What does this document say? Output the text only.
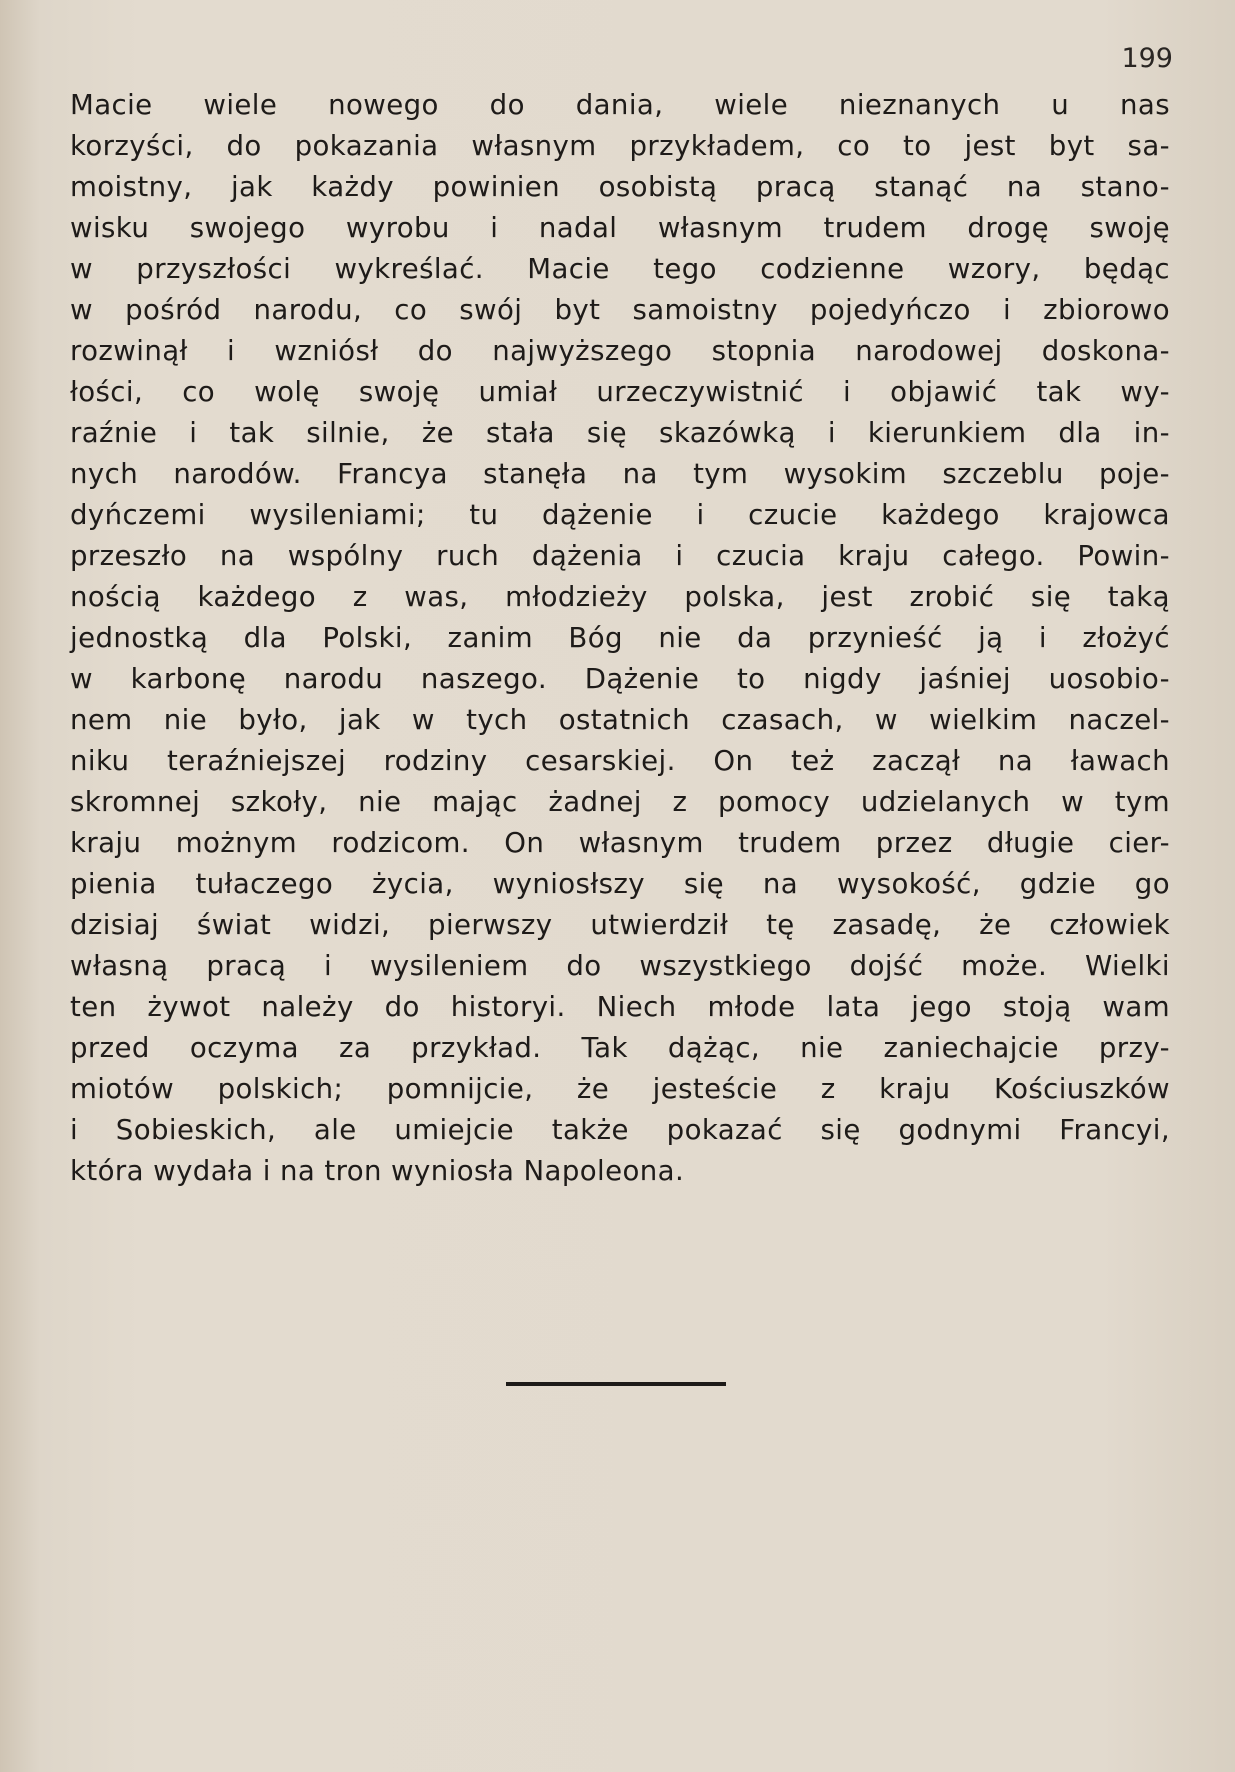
199
Macie wiele nowego do dania, wiele nieznanych u nas
korzyści, do pokazania własnym przykładem, co to jest byt sa-
moistny, jak każdy powinien osobistą pracą stanąć na stano-
wisku swojego wyrobu i nadal własnym trudem drogę swoję
w przyszłości wykreślać. Macie tego codzienne wzory, będąc
w pośród narodu, co swój byt samoistny pojedyńczo i zbiorowo
rozwinął i wzniósł do najwyższego stopnia narodowej doskona-
łości, co wolę swoję umiał urzeczywistnić i objawić tak wy-
raźnie i tak silnie, że stała się skazówką i kierunkiem dla in-
nych narodów. Francya stanęła na tym wysokim szczeblu poje-
dyńczemi wysileniami; tu dążenie i czucie każdego krajowca
przeszło na wspólny ruch dążenia i czucia kraju całego. Powin-
nością każdego z was, młodzieży polska, jest zrobić się taką
jednostką dla Polski, zanim Bóg nie da przynieść ją i złożyć
w karbonę narodu naszego. Dążenie to nigdy jaśniej uosobio-
nem nie było, jak w tych ostatnich czasach, w wielkim naczel-
niku teraźniejszej rodziny cesarskiej. On też zaczął na ławach
skromnej szkoły, nie mając żadnej z pomocy udzielanych w tym
kraju możnym rodzicom. On własnym trudem przez długie cier-
pienia tułaczego życia, wyniosłszy się na wysokość, gdzie go
dzisiaj świat widzi, pierwszy utwierdził tę zasadę, że człowiek
własną pracą i wysileniem do wszystkiego dojść może. Wielki
ten żywot należy do historyi. Niech młode lata jego stoją wam
przed oczyma za przykład. Tak dążąc, nie zaniechajcie przy-
miotów polskich; pomnijcie, że jesteście z kraju Kościuszków
i Sobieskich, ale umiejcie także pokazać się godnymi Francyi,
która wydała i na tron wyniosła Napoleona.
